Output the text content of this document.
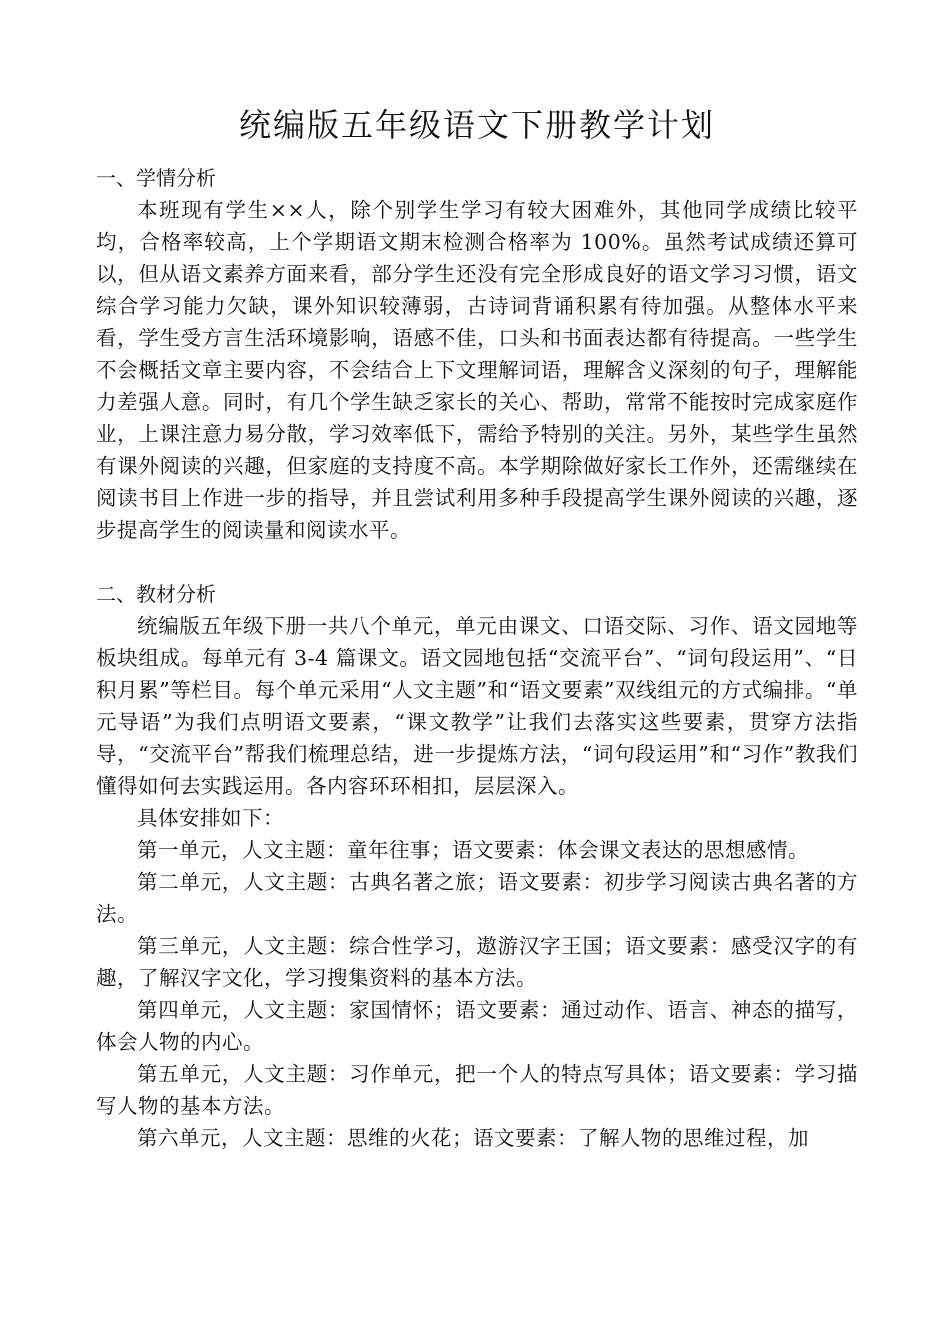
统编版五年级语文下册教学计划

一、学情分析

本班现有学生××人，除个别学生学习有较大困难外，其他同学成绩比较平均，合格率较高，上个学期语文期末检测合格率为 100%。虽然考试成绩还算可以，但从语文素养方面来看，部分学生还没有完全形成良好的语文学习习惯，语文综合学习能力欠缺，课外知识较薄弱，古诗词背诵积累有待加强。从整体水平来看，学生受方言生活环境影响，语感不佳，口头和书面表达都有待提高。一些学生不会概括文章主要内容，不会结合上下文理解词语，理解含义深刻的句子，理解能力差强人意。同时，有几个学生缺乏家长的关心、帮助，常常不能按时完成家庭作业，上课注意力易分散，学习效率低下，需给予特别的关注。另外，某些学生虽然有课外阅读的兴趣，但家庭的支持度不高。本学期除做好家长工作外，还需继续在阅读书目上作进一步的指导，并且尝试利用多种手段提高学生课外阅读的兴趣，逐步提高学生的阅读量和阅读水平。

二、教材分析

统编版五年级下册一共八个单元，单元由课文、口语交际、习作、语文园地等板块组成。每单元有 3-4 篇课文。语文园地包括“交流平台”、“词句段运用”、“日积月累”等栏目。每个单元采用“人文主题”和“语文要素”双线组元的方式编排。“单元导语”为我们点明语文要素，“课文教学”让我们去落实这些要素，贯穿方法指导，“交流平台”帮我们梳理总结，进一步提炼方法，“词句段运用”和“习作”教我们懂得如何去实践运用。各内容环环相扣，层层深入。

具体安排如下：

第一单元，人文主题：童年往事；语文要素：体会课文表达的思想感情。

第二单元，人文主题：古典名著之旅；语文要素：初步学习阅读古典名著的方法。

第三单元，人文主题：综合性学习，遨游汉字王国；语文要素：感受汉字的有趣，了解汉字文化，学习搜集资料的基本方法。

第四单元，人文主题：家国情怀；语文要素：通过动作、语言、神态的描写，体会人物的内心。

第五单元，人文主题：习作单元，把一个人的特点写具体；语文要素：学习描写人物的基本方法。

第六单元，人文主题：思维的火花；语文要素：了解人物的思维过程，加
